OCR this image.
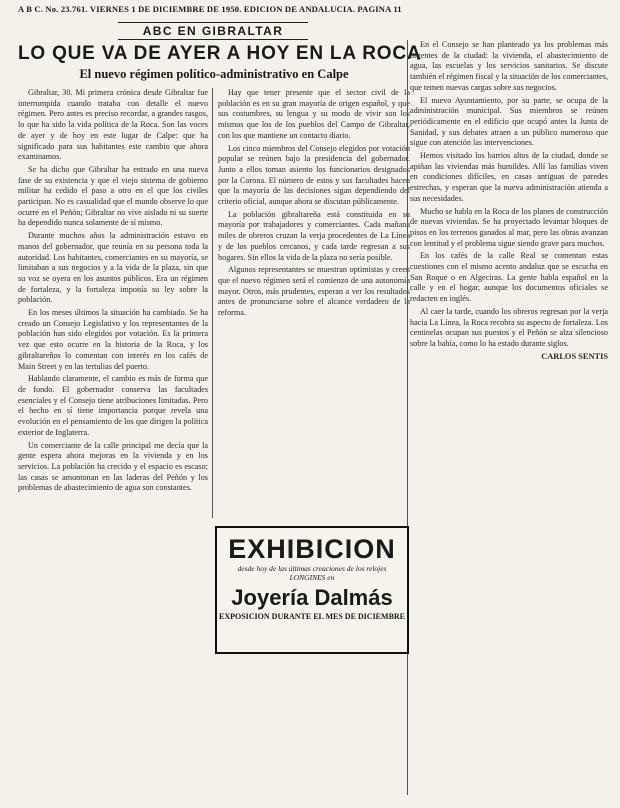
A B C. No. 23.761. VIERNES 1 DE DICIEMBRE DE 1950. EDICION DE ANDALUCIA. PAGINA 11
ABC EN GIBRALTAR
LO QUE VA DE AYER A HOY EN LA ROCA
El nuevo régimen político-administrativo en Calpe

Gibraltar, 30. Mi primera crónica desde Gibraltar fue interrumpida cuando trataba con detalle el nuevo régimen. Pero antes es preciso recordar, a grandes rasgos, lo que ha sido la vida política de la Roca. Son las voces de ayer y de hoy en este lugar de Calpe: que ha significado para sus habitantes este cambio que ahora examinamos.

Se ha dicho que Gibraltar ha entrado en una nueva fase de su existencia y que el viejo sistema de gobierno militar ha cedido el paso a otro en el que los civiles participan. No es casualidad que el mundo observe lo que ocurre en el Peñón; Gibraltar no vive aislado ni su suerte ha dependido nunca solamente de sí mismo.

Durante muchos años la administración estuvo en manos del gobernador, que reunía en su persona toda la autoridad. Los habitantes, comerciantes en su mayoría, se limitaban a sus negocios y a la vida de la plaza, sin que su voz se oyera en los asuntos públicos. Era un régimen de fortaleza, y la fortaleza imponía su ley sobre la población.

En los meses últimos la situación ha cambiado. Se ha creado un Consejo Legislativo y los representantes de la población han sido elegidos por votación. Es la primera vez que esto ocurre en la historia de la Roca, y los gibraltareños lo comentan con interés en los cafés de Main Street y en las tertulias del puerto.

Hablando claramente, el cambio es más de forma que de fondo. El gobernador conserva las facultades esenciales y el Consejo tiene atribuciones limitadas. Pero el hecho en sí tiene importancia porque revela una evolución en el pensamiento de los que dirigen la política exterior de Inglaterra.

Un comerciante de la calle principal me decía que la gente espera ahora mejoras en la vivienda y en los servicios. La población ha crecido y el espacio es escaso; las casas se amontonan en las laderas del Peñón y los problemas de abastecimiento de agua son constantes.

Hay que tener presente que el sector civil de la población es en su gran mayoría de origen español, y que sus costumbres, su lengua y su modo de vivir son los mismos que los de los pueblos del Campo de Gibraltar, con los que mantiene un contacto diario.

Los cinco miembros del Consejo elegidos por votación popular se reúnen bajo la presidencia del gobernador. Junto a ellos toman asiento los funcionarios designados por la Corona. El número de estos y sus facultades hacen que la mayoría de las decisiones sigan dependiendo del criterio oficial, aunque ahora se discutan públicamente.

La población gibraltareña está constituida en su mayoría por trabajadores y comerciantes. Cada mañana miles de obreros cruzan la verja procedentes de La Línea y de los pueblos cercanos, y cada tarde regresan a sus hogares. Sin ellos la vida de la plaza no sería posible.

Algunos representantes se muestran optimistas y creen que el nuevo régimen será el comienzo de una autonomía mayor. Otros, más prudentes, esperan a ver los resultados antes de pronunciarse sobre el alcance verdadero de la reforma.

En el Consejo se han planteado ya los problemas más urgentes de la ciudad: la vivienda, el abastecimiento de agua, las escuelas y los servicios sanitarios. Se discute también el régimen fiscal y la situación de los comerciantes, que temen nuevas cargas sobre sus negocios.

El nuevo Ayuntamiento, por su parte, se ocupa de la administración municipal. Sus miembros se reúnen periódicamente en el edificio que ocupó antes la Junta de Sanidad, y sus debates atraen a un público numeroso que sigue con atención las intervenciones.

Hemos visitado los barrios altos de la ciudad, donde se apiñan las viviendas más humildes. Allí las familias viven en condiciones difíciles, en casas antiguas de paredes estrechas, y esperan que la nueva administración atienda a sus necesidades.

Mucho se habla en la Roca de los planes de construcción de nuevas viviendas. Se ha proyectado levantar bloques de pisos en los terrenos ganados al mar, pero las obras avanzan con lentitud y el problema sigue siendo grave para muchos.

En los cafés de la calle Real se comentan estas cuestiones con el mismo acento andaluz que se escucha en San Roque o en Algeciras. La gente habla español en la calle y en el hogar, aunque los documentos oficiales se redacten en inglés.

Al caer la tarde, cuando los obreros regresan por la verja hacia La Línea, la Roca recobra su aspecto de fortaleza. Los centinelas ocupan sus puestos y el Peñón se alza silencioso sobre la bahía, como lo ha estado durante siglos.

CARLOS SENTIS

EXHIBICION
desde hoy de las últimas creaciones de los relojes LONGINES en
Joyería Dalmás
EXPOSICION DURANTE EL MES DE DICIEMBRE
